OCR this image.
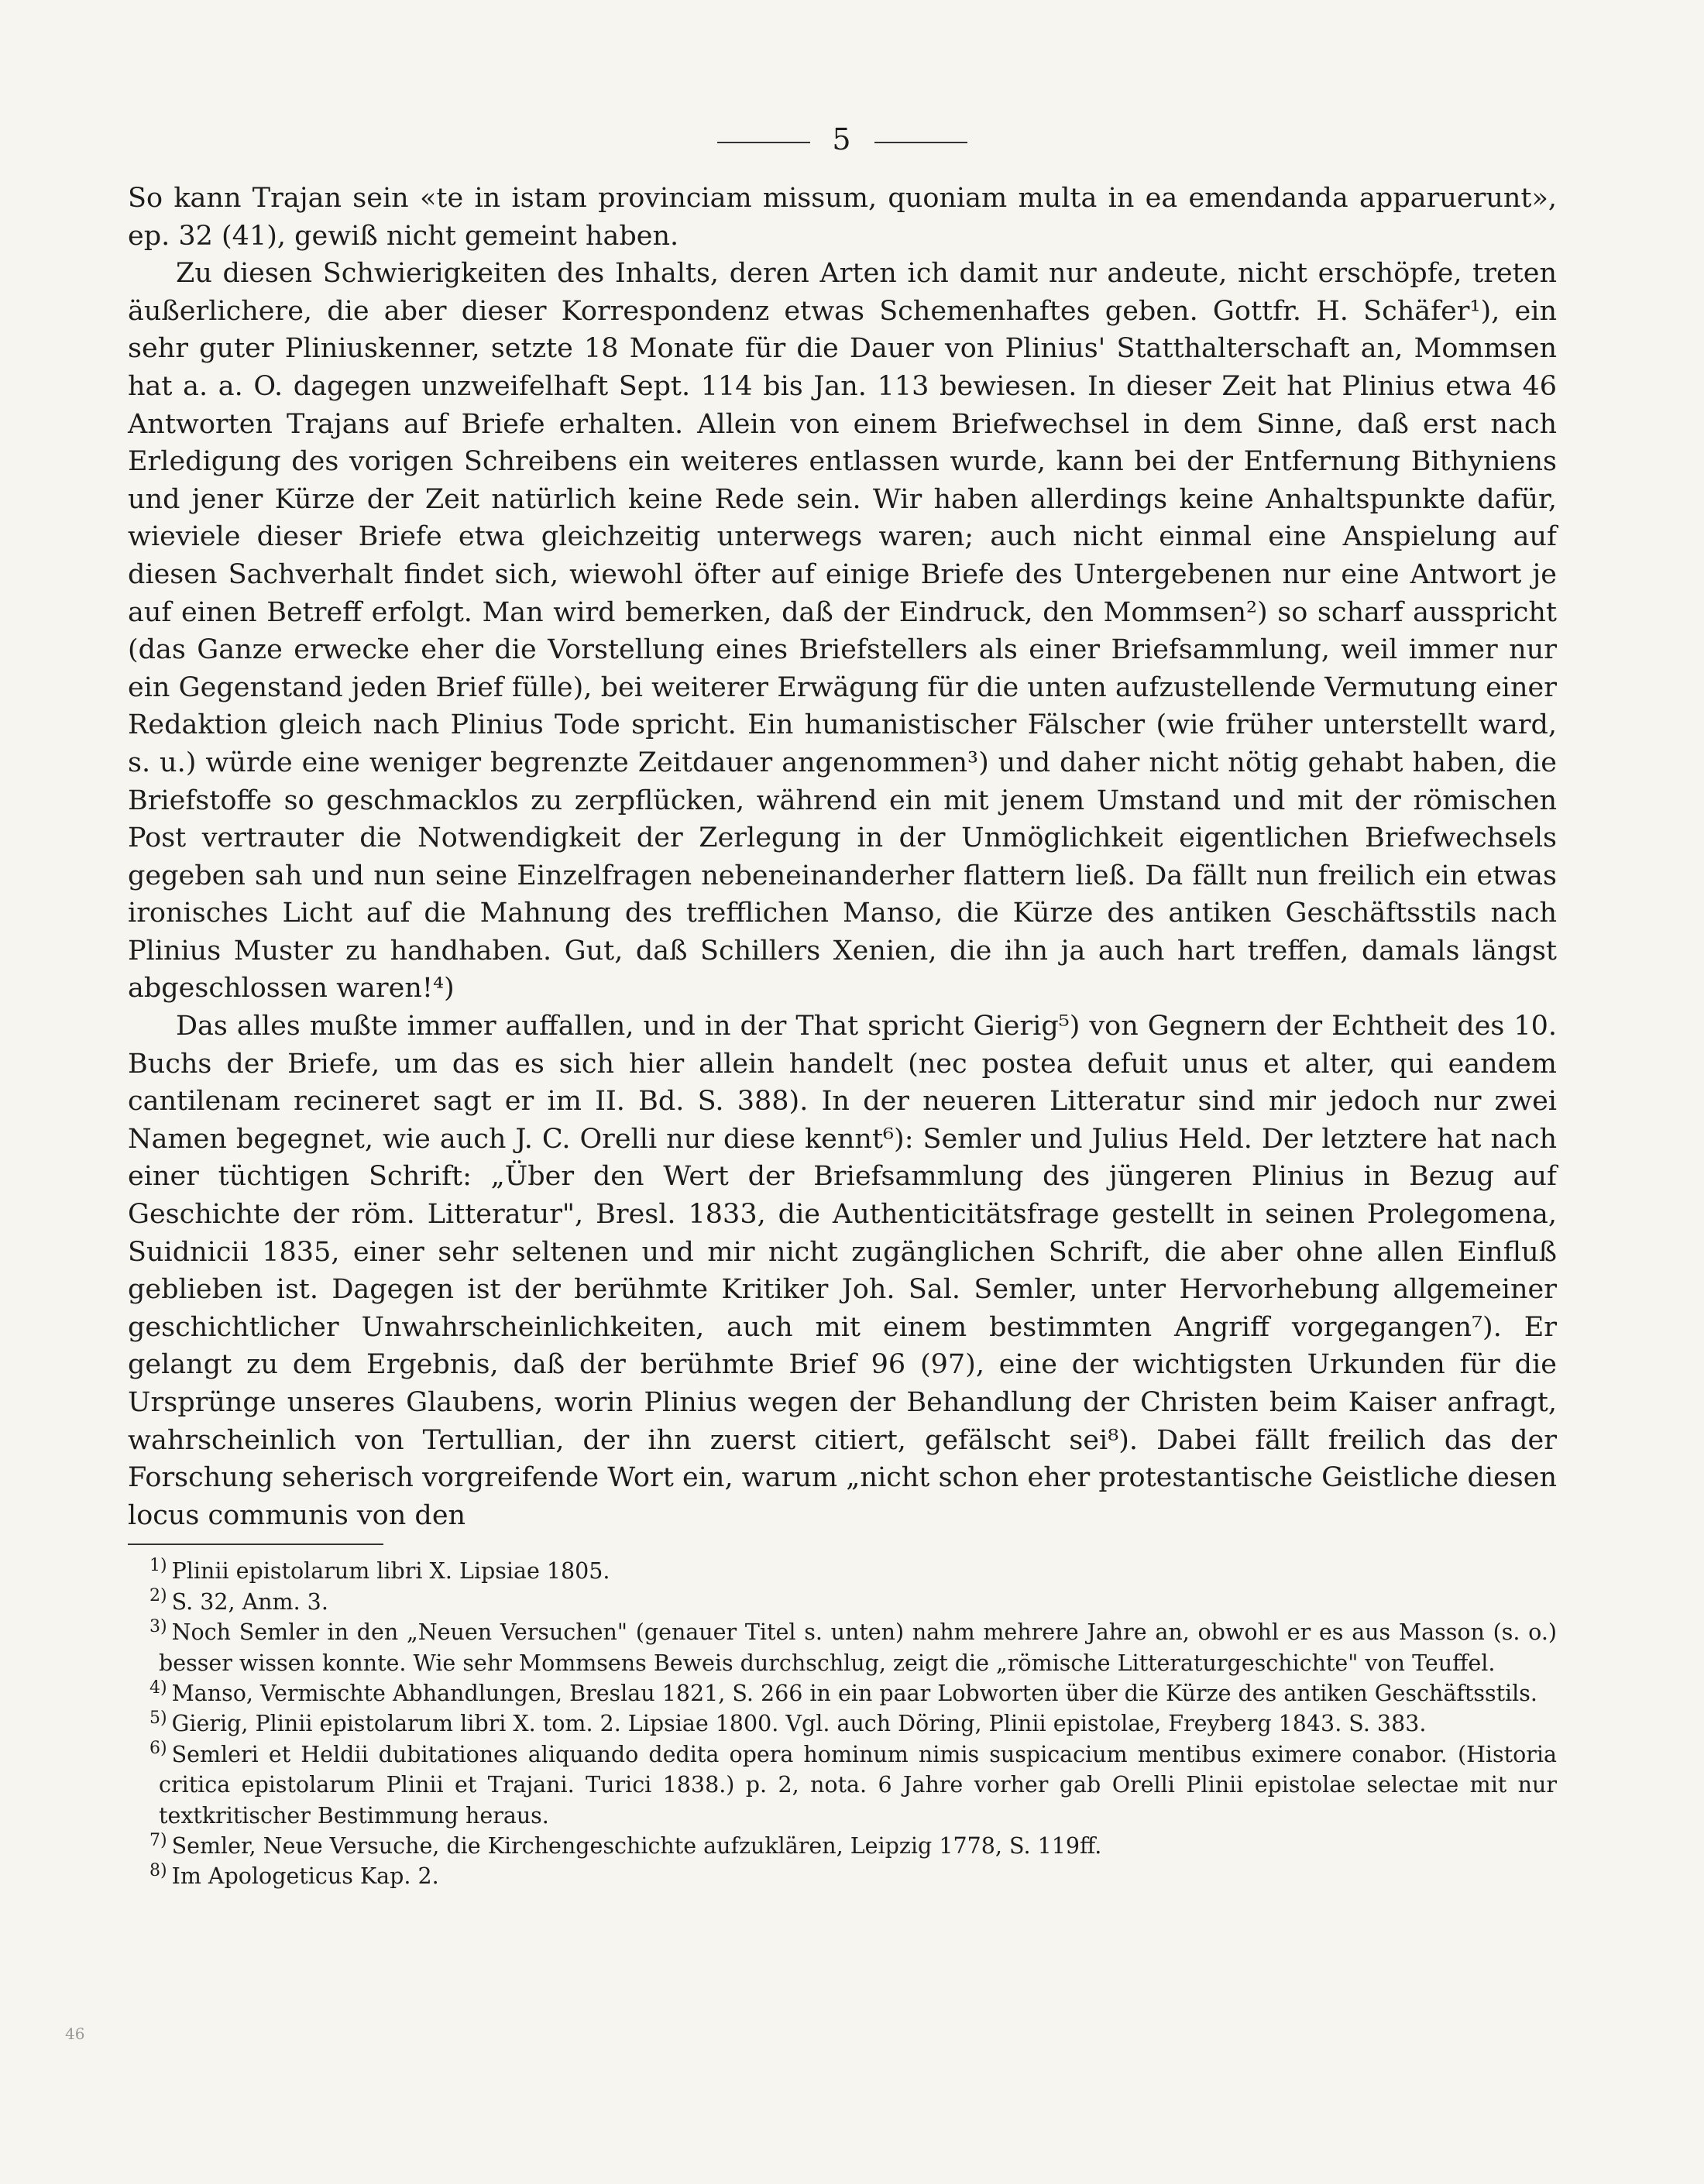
5

So kann Trajan sein «te in istam provinciam missum, quoniam multa in ea emendanda apparuerunt», ep. 32 (41), gewiß nicht gemeint haben.

Zu diesen Schwierigkeiten des Inhalts, deren Arten ich damit nur andeute, nicht erschöpfe, treten äußerlichere, die aber dieser Korrespondenz etwas Schemenhaftes geben. Gottfr. H. Schäfer¹), ein sehr guter Pliniuskenner, setzte 18 Monate für die Dauer von Plinius' Statthalterschaft an, Mommsen hat a. a. O. dagegen unzweifelhaft Sept. 114 bis Jan. 113 bewiesen. In dieser Zeit hat Plinius etwa 46 Antworten Trajans auf Briefe erhalten. Allein von einem Briefwechsel in dem Sinne, daß erst nach Erledigung des vorigen Schreibens ein weiteres entlassen wurde, kann bei der Entfernung Bithyniens und jener Kürze der Zeit natürlich keine Rede sein. Wir haben allerdings keine Anhaltspunkte dafür, wieviele dieser Briefe etwa gleichzeitig unterwegs waren; auch nicht einmal eine Anspielung auf diesen Sachverhalt findet sich, wiewohl öfter auf einige Briefe des Untergebenen nur eine Antwort je auf einen Betreff erfolgt. Man wird bemerken, daß der Eindruck, den Mommsen²) so scharf ausspricht (das Ganze erwecke eher die Vorstellung eines Briefstellers als einer Briefsammlung, weil immer nur ein Gegenstand jeden Brief fülle), bei weiterer Erwägung für die unten aufzustellende Vermutung einer Redaktion gleich nach Plinius Tode spricht. Ein humanistischer Fälscher (wie früher unterstellt ward, s. u.) würde eine weniger begrenzte Zeitdauer angenommen³) und daher nicht nötig gehabt haben, die Briefstoffe so geschmacklos zu zerpflücken, während ein mit jenem Umstand und mit der römischen Post vertrauter die Notwendigkeit der Zerlegung in der Unmöglichkeit eigentlichen Briefwechsels gegeben sah und nun seine Einzelfragen nebeneinanderher flattern ließ. Da fällt nun freilich ein etwas ironisches Licht auf die Mahnung des trefflichen Manso, die Kürze des antiken Geschäftsstils nach Plinius Muster zu handhaben. Gut, daß Schillers Xenien, die ihn ja auch hart treffen, damals längst abgeschlossen waren!⁴)

Das alles mußte immer auffallen, und in der That spricht Gierig⁵) von Gegnern der Echtheit des 10. Buchs der Briefe, um das es sich hier allein handelt (nec postea defuit unus et alter, qui eandem cantilenam recineret sagt er im II. Bd. S. 388). In der neueren Litteratur sind mir jedoch nur zwei Namen begegnet, wie auch J. C. Orelli nur diese kennt⁶): Semler und Julius Held. Der letztere hat nach einer tüchtigen Schrift: „Über den Wert der Briefsammlung des jüngeren Plinius in Bezug auf Geschichte der röm. Litteratur", Bresl. 1833, die Authenticitätsfrage gestellt in seinen Prolegomena, Suidnicii 1835, einer sehr seltenen und mir nicht zugänglichen Schrift, die aber ohne allen Einfluß geblieben ist. Dagegen ist der berühmte Kritiker Joh. Sal. Semler, unter Hervorhebung allgemeiner geschichtlicher Unwahrscheinlichkeiten, auch mit einem bestimmten Angriff vorgegangen⁷). Er gelangt zu dem Ergebnis, daß der berühmte Brief 96 (97), eine der wichtigsten Urkunden für die Ursprünge unseres Glaubens, worin Plinius wegen der Behandlung der Christen beim Kaiser anfragt, wahrscheinlich von Tertullian, der ihn zuerst citiert, gefälscht sei⁸). Dabei fällt freilich das der Forschung seherisch vorgreifende Wort ein, warum „nicht schon eher protestantische Geistliche diesen locus communis von den

1) Plinii epistolarum libri X. Lipsiae 1805.
2) S. 32, Anm. 3.
3) Noch Semler in den „Neuen Versuchen" (genauer Titel s. unten) nahm mehrere Jahre an, obwohl er es aus Masson (s. o.) besser wissen konnte. Wie sehr Mommsens Beweis durchschlug, zeigt die „römische Litteraturgeschichte" von Teuffel.
4) Manso, Vermischte Abhandlungen, Breslau 1821, S. 266 in ein paar Lobworten über die Kürze des antiken Geschäftsstils.
5) Gierig, Plinii epistolarum libri X. tom. 2. Lipsiae 1800. Vgl. auch Döring, Plinii epistolae, Freyberg 1843. S. 383.
6) Semleri et Heldii dubitationes aliquando dedita opera hominum nimis suspicacium mentibus eximere conabor. (Historia critica epistolarum Plinii et Trajani. Turici 1838.) p. 2, nota. 6 Jahre vorher gab Orelli Plinii epistolae selectae mit nur textkritischer Bestimmung heraus.
7) Semler, Neue Versuche, die Kirchengeschichte aufzuklären, Leipzig 1778, S. 119ff.
8) Im Apologeticus Kap. 2.
46
